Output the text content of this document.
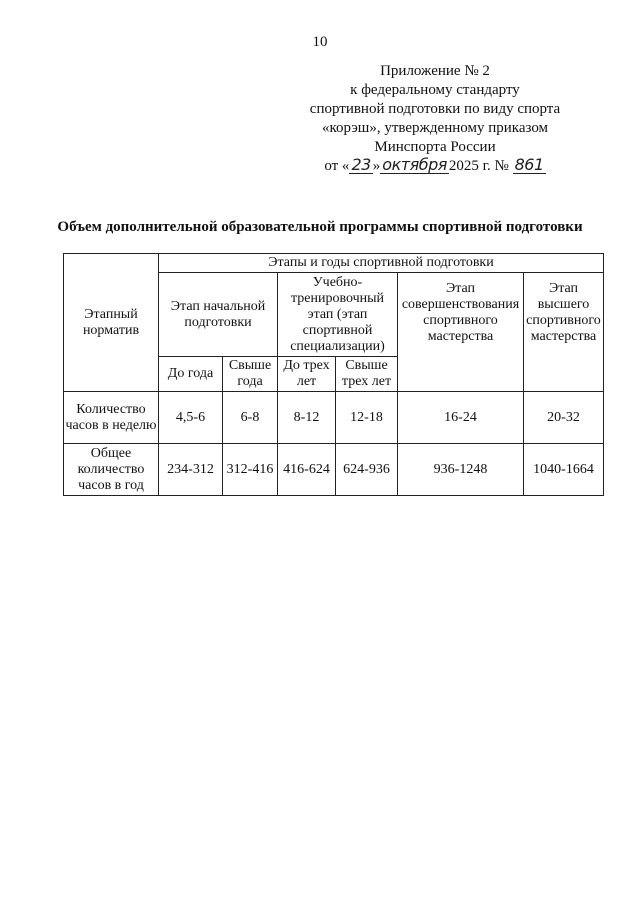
10
Приложение № 2
к федеральному стандарту
спортивной подготовки по виду спорта
«корэш», утвержденному приказом
Минспорта России
от « 23 » октября 2025 г. № 861
Объем дополнительной образовательной программы спортивной подготовки
Этапный норматив	Этапы и годы спортивной подготовки					
	Этап начальной подготовки		Учебно-тренировочный этап (этап спортивной специализации)		Этап совершенствования спортивного мастерства	Этап высшего спортивного мастерства
	До года	Свыше года	До трех лет	Свыше трех лет		
Количество часов в неделю	4,5-6	6-8	8-12	12-18	16-24	20-32
Общее количество часов в год	234-312	312-416	416-624	624-936	936-1248	1040-1664
